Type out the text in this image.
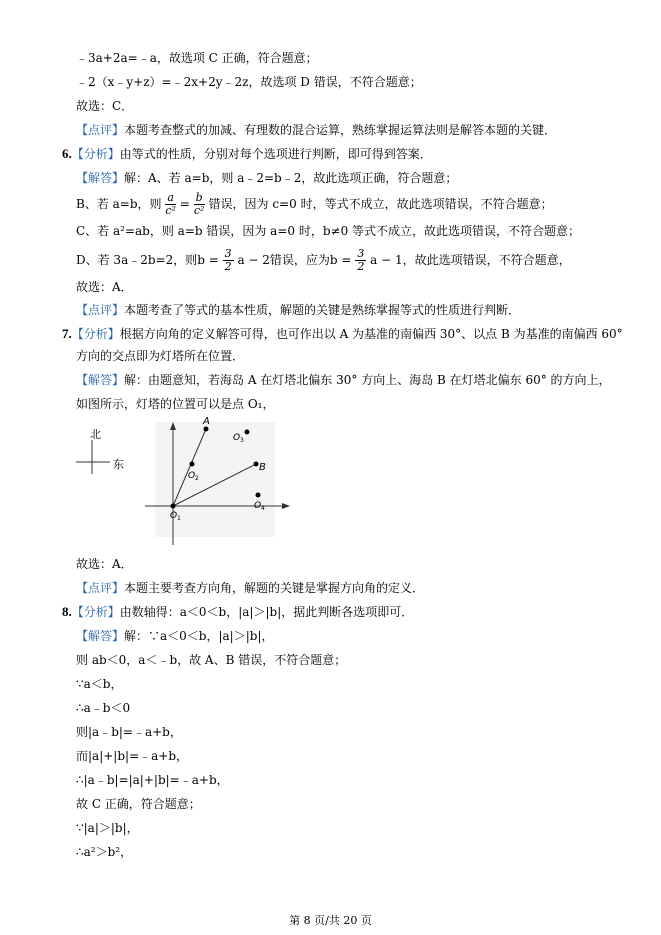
﹣3a+2a=﹣a，故选项 C 正确，符合题意；
﹣2（x﹣y+z）=﹣2x+2y﹣2z，故选项 D 错误，不符合题意；
故选：C．
【点评】本题考查整式的加减、有理数的混合运算，熟练掌握运算法则是解答本题的关键．
6.【分析】由等式的性质，分别对每个选项进行判断，即可得到答案．
【解答】解：A、若 a=b，则 a﹣2=b﹣2，故此选项正确，符合题意；
B、若 a=b，则 $\frac{a}{\text{c²}} = \frac{b}{\text{c²}}$ 错误，因为 c=0 时，等式不成立，故此选项错误，不符合题意；
C、若 a²=ab，则 a=b 错误，因为 a=0 时，b≠0 等式不成立，故此选项错误，不符合题意；
D、若 3a﹣2b=2，则$b = \frac{3}{2}$ a − 2错误，应为$b = \frac{3}{2}$ a − 1，故此选项错误，不符合题意，
故选：A．
【点评】本题考查了等式的基本性质，解题的关键是熟练掌握等式的性质进行判断．
7.【分析】根据方向角的定义解答可得，也可作出以 A 为基准的南偏西 30°、以点 B 为基准的南偏西 60°
方向的交点即为灯塔所在位置．
【解答】解：由题意知，若海岛 A 在灯塔北偏东 30° 方向上、海岛 B 在灯塔北偏东 60° 的方向上，
如图所示，灯塔的位置可以是点 O₁，
北
东
A
B
O 1
O 2
O 3
O 4
故选：A．
【点评】本题主要考查方向角，解题的关键是掌握方向角的定义．
8.【分析】由数轴得：a＜0＜b，|a|＞|b|，据此判断各选项即可．
【解答】解：∵a＜0＜b，|a|＞|b|，
则 ab＜0，a＜﹣b，故 A、B 错误，不符合题意；
∵a＜b，
∴a﹣b＜0
则|a﹣b|=﹣a+b，
而|a|+|b|=﹣a+b，
∴|a﹣b|=|a|+|b|=﹣a+b，
故 C 正确，符合题意；
∵|a|＞|b|，
∴a²＞b²，
第 8 页/共 20 页
